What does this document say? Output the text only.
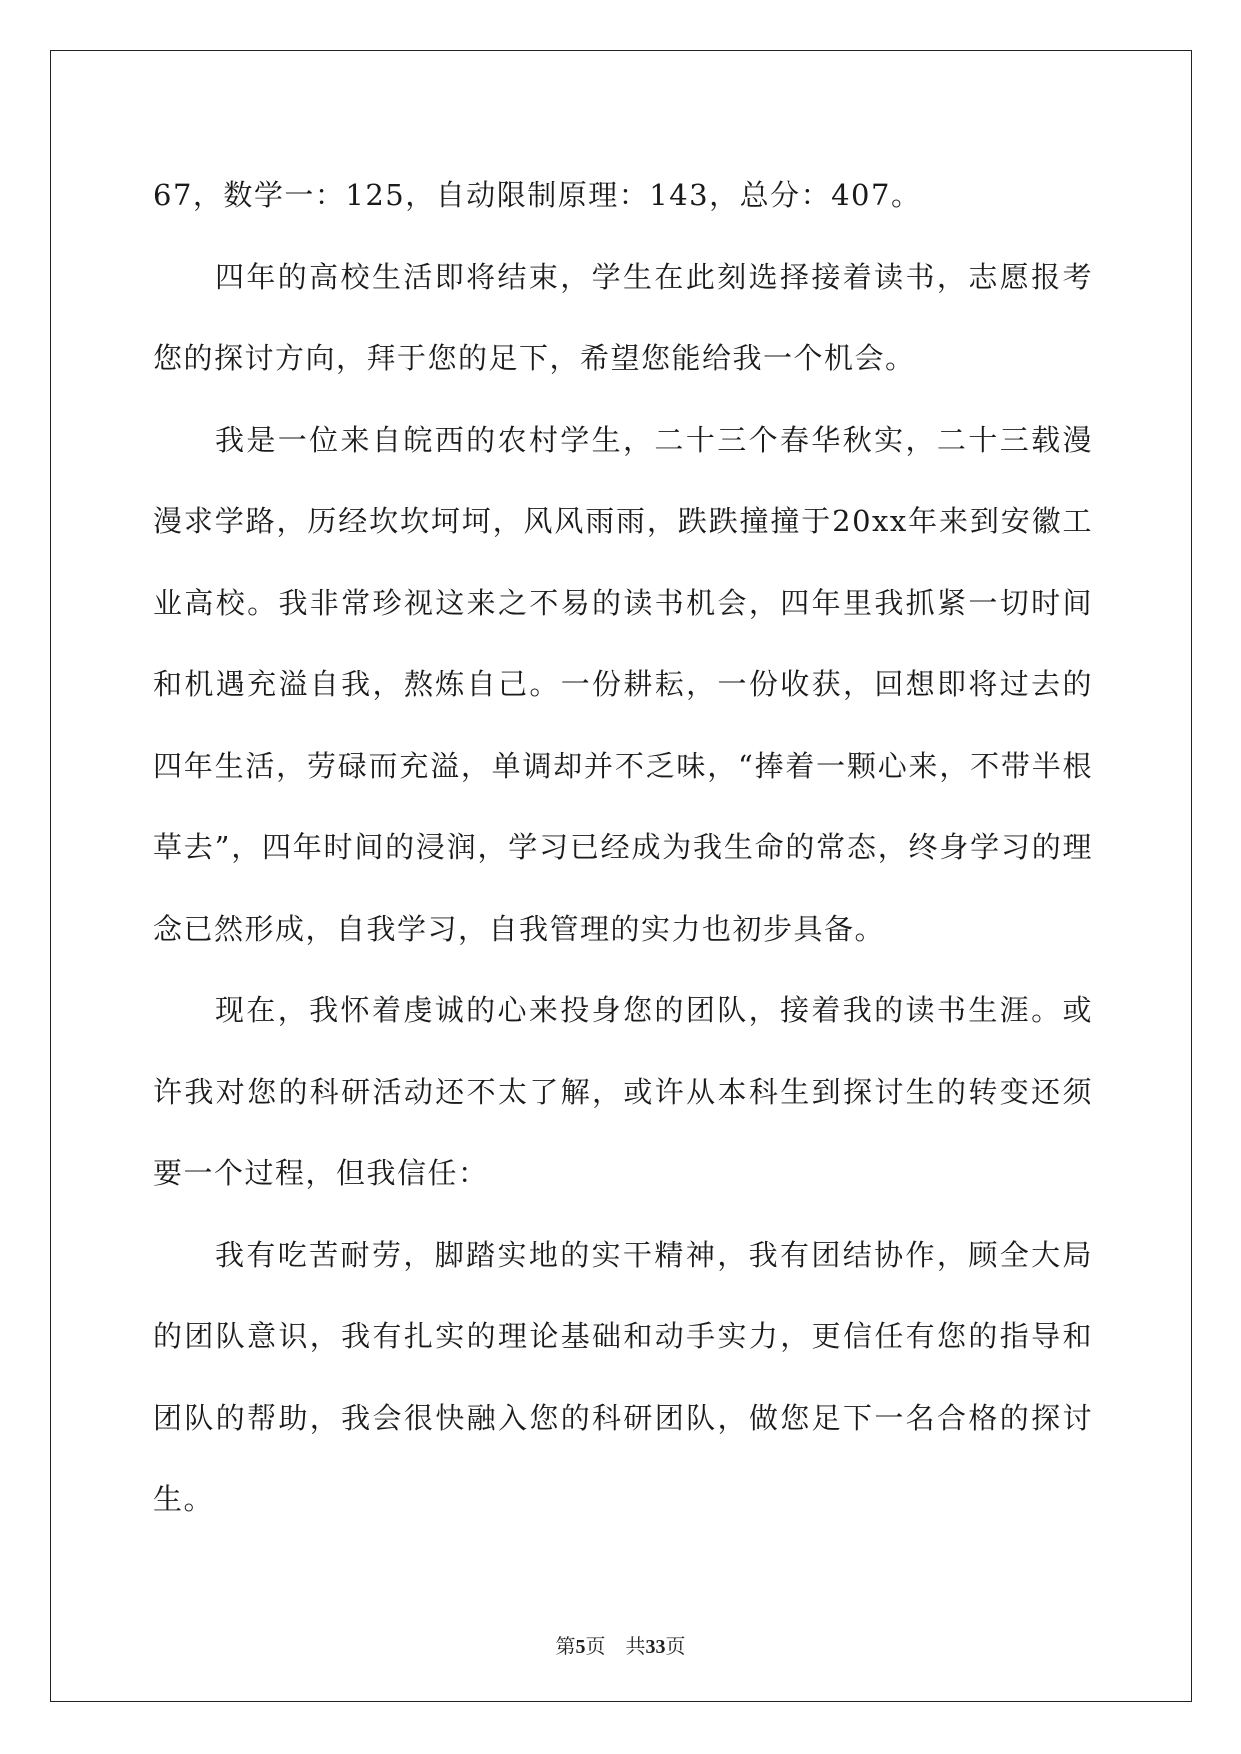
67，数学一：125，自动限制原理：143，总分：407。

四年的高校生活即将结束，学生在此刻选择接着读书，志愿报考您的探讨方向，拜于您的足下，希望您能给我一个机会。

我是一位来自皖西的农村学生，二十三个春华秋实，二十三载漫漫求学路，历经坎坎坷坷，风风雨雨，跌跌撞撞于20xx年来到安徽工业高校。我非常珍视这来之不易的读书机会，四年里我抓紧一切时间和机遇充溢自我，熬炼自己。一份耕耘，一份收获，回想即将过去的四年生活，劳碌而充溢，单调却并不乏味，“捧着一颗心来，不带半根草去”，四年时间的浸润，学习已经成为我生命的常态，终身学习的理念已然形成，自我学习，自我管理的实力也初步具备。

现在，我怀着虔诚的心来投身您的团队，接着我的读书生涯。或许我对您的科研活动还不太了解，或许从本科生到探讨生的转变还须要一个过程，但我信任：

我有吃苦耐劳，脚踏实地的实干精神，我有团结协作，顾全大局的团队意识，我有扎实的理论基础和动手实力，更信任有您的指导和团队的帮助，我会很快融入您的科研团队，做您足下一名合格的探讨生。

第5页 共33页
